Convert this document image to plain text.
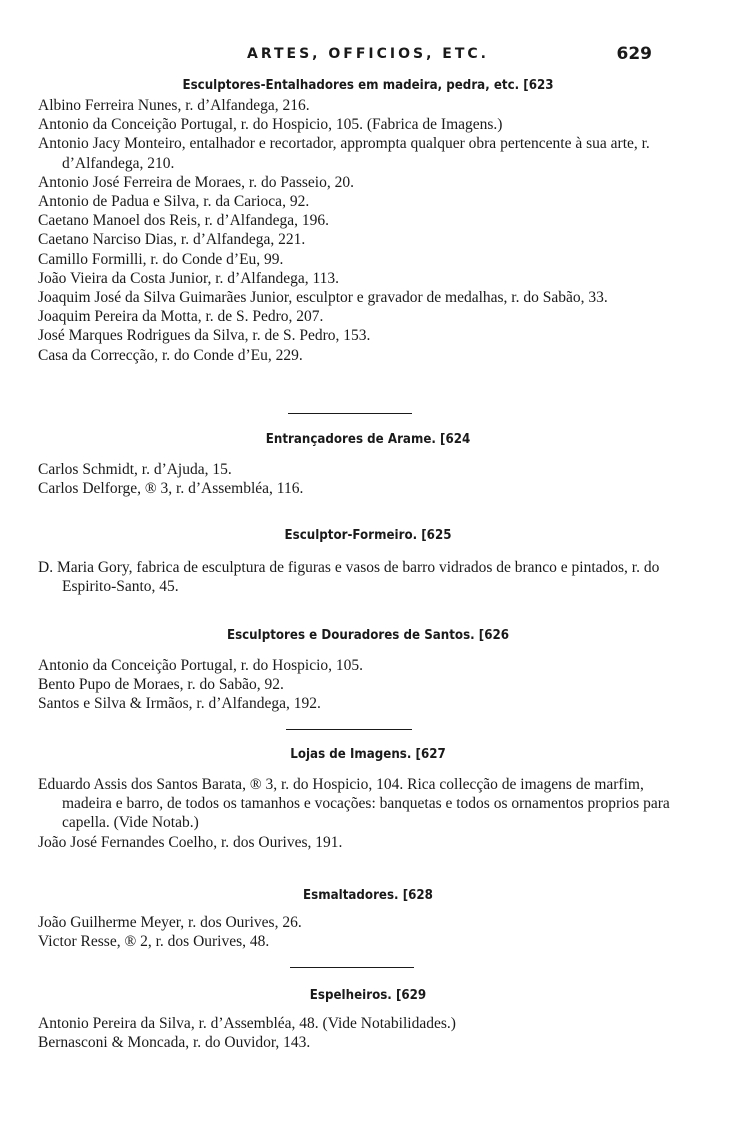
ARTES, OFFICIOS, ETC.	629
Esculptores-Entalhadores em madeira, pedra, etc. [623
Albino Ferreira Nunes, r. d’Alfandega, 216.
Antonio da Conceição Portugal, r. do Hospicio, 105. (Fabrica de Imagens.)
Antonio Jacy Monteiro, entalhador e recortador, apprompta qualquer obra pertencente à sua arte, r. d’Alfandega, 210.
Antonio José Ferreira de Moraes, r. do Passeio, 20.
Antonio de Padua e Silva, r. da Carioca, 92.
Caetano Manoel dos Reis, r. d’Alfandega, 196.
Caetano Narciso Dias, r. d’Alfandega, 221.
Camillo Formilli, r. do Conde d’Eu, 99.
João Vieira da Costa Junior, r. d’Alfandega, 113.
Joaquim José da Silva Guimarães Junior, esculptor e gravador de medalhas, r. do Sabão, 33.
Joaquim Pereira da Motta, r. de S. Pedro, 207.
José Marques Rodrigues da Silva, r. de S. Pedro, 153.
Casa da Correcção, r. do Conde d’Eu, 229.
Entrançadores de Arame. [624
Carlos Schmidt, r. d’Ajuda, 15.
Carlos Delforge, ® 3, r. d’Assembléa, 116.
Esculptor-Formeiro. [625
D. Maria Gory, fabrica de esculptura de figuras e vasos de barro vidrados de branco e pintados, r. do Espirito-Santo, 45.
Esculptores e Douradores de Santos. [626
Antonio da Conceição Portugal, r. do Hospicio, 105.
Bento Pupo de Moraes, r. do Sabão, 92.
Santos e Silva & Irmãos, r. d’Alfandega, 192.
Lojas de Imagens. [627
Eduardo Assis dos Santos Barata, ® 3, r. do Hospicio, 104. Rica collecção de imagens de marfim, madeira e barro, de todos os tamanhos e vocações: banquetas e todos os ornamentos proprios para capella. (Vide Notab.)
João José Fernandes Coelho, r. dos Ourives, 191.
Esmaltadores. [628
João Guilherme Meyer, r. dos Ourives, 26.
Victor Resse, ® 2, r. dos Ourives, 48.
Espelheiros. [629
Antonio Pereira da Silva, r. d’Assembléa, 48. (Vide Notabilidades.)
Bernasconi & Moncada, r. do Ouvidor, 143.
